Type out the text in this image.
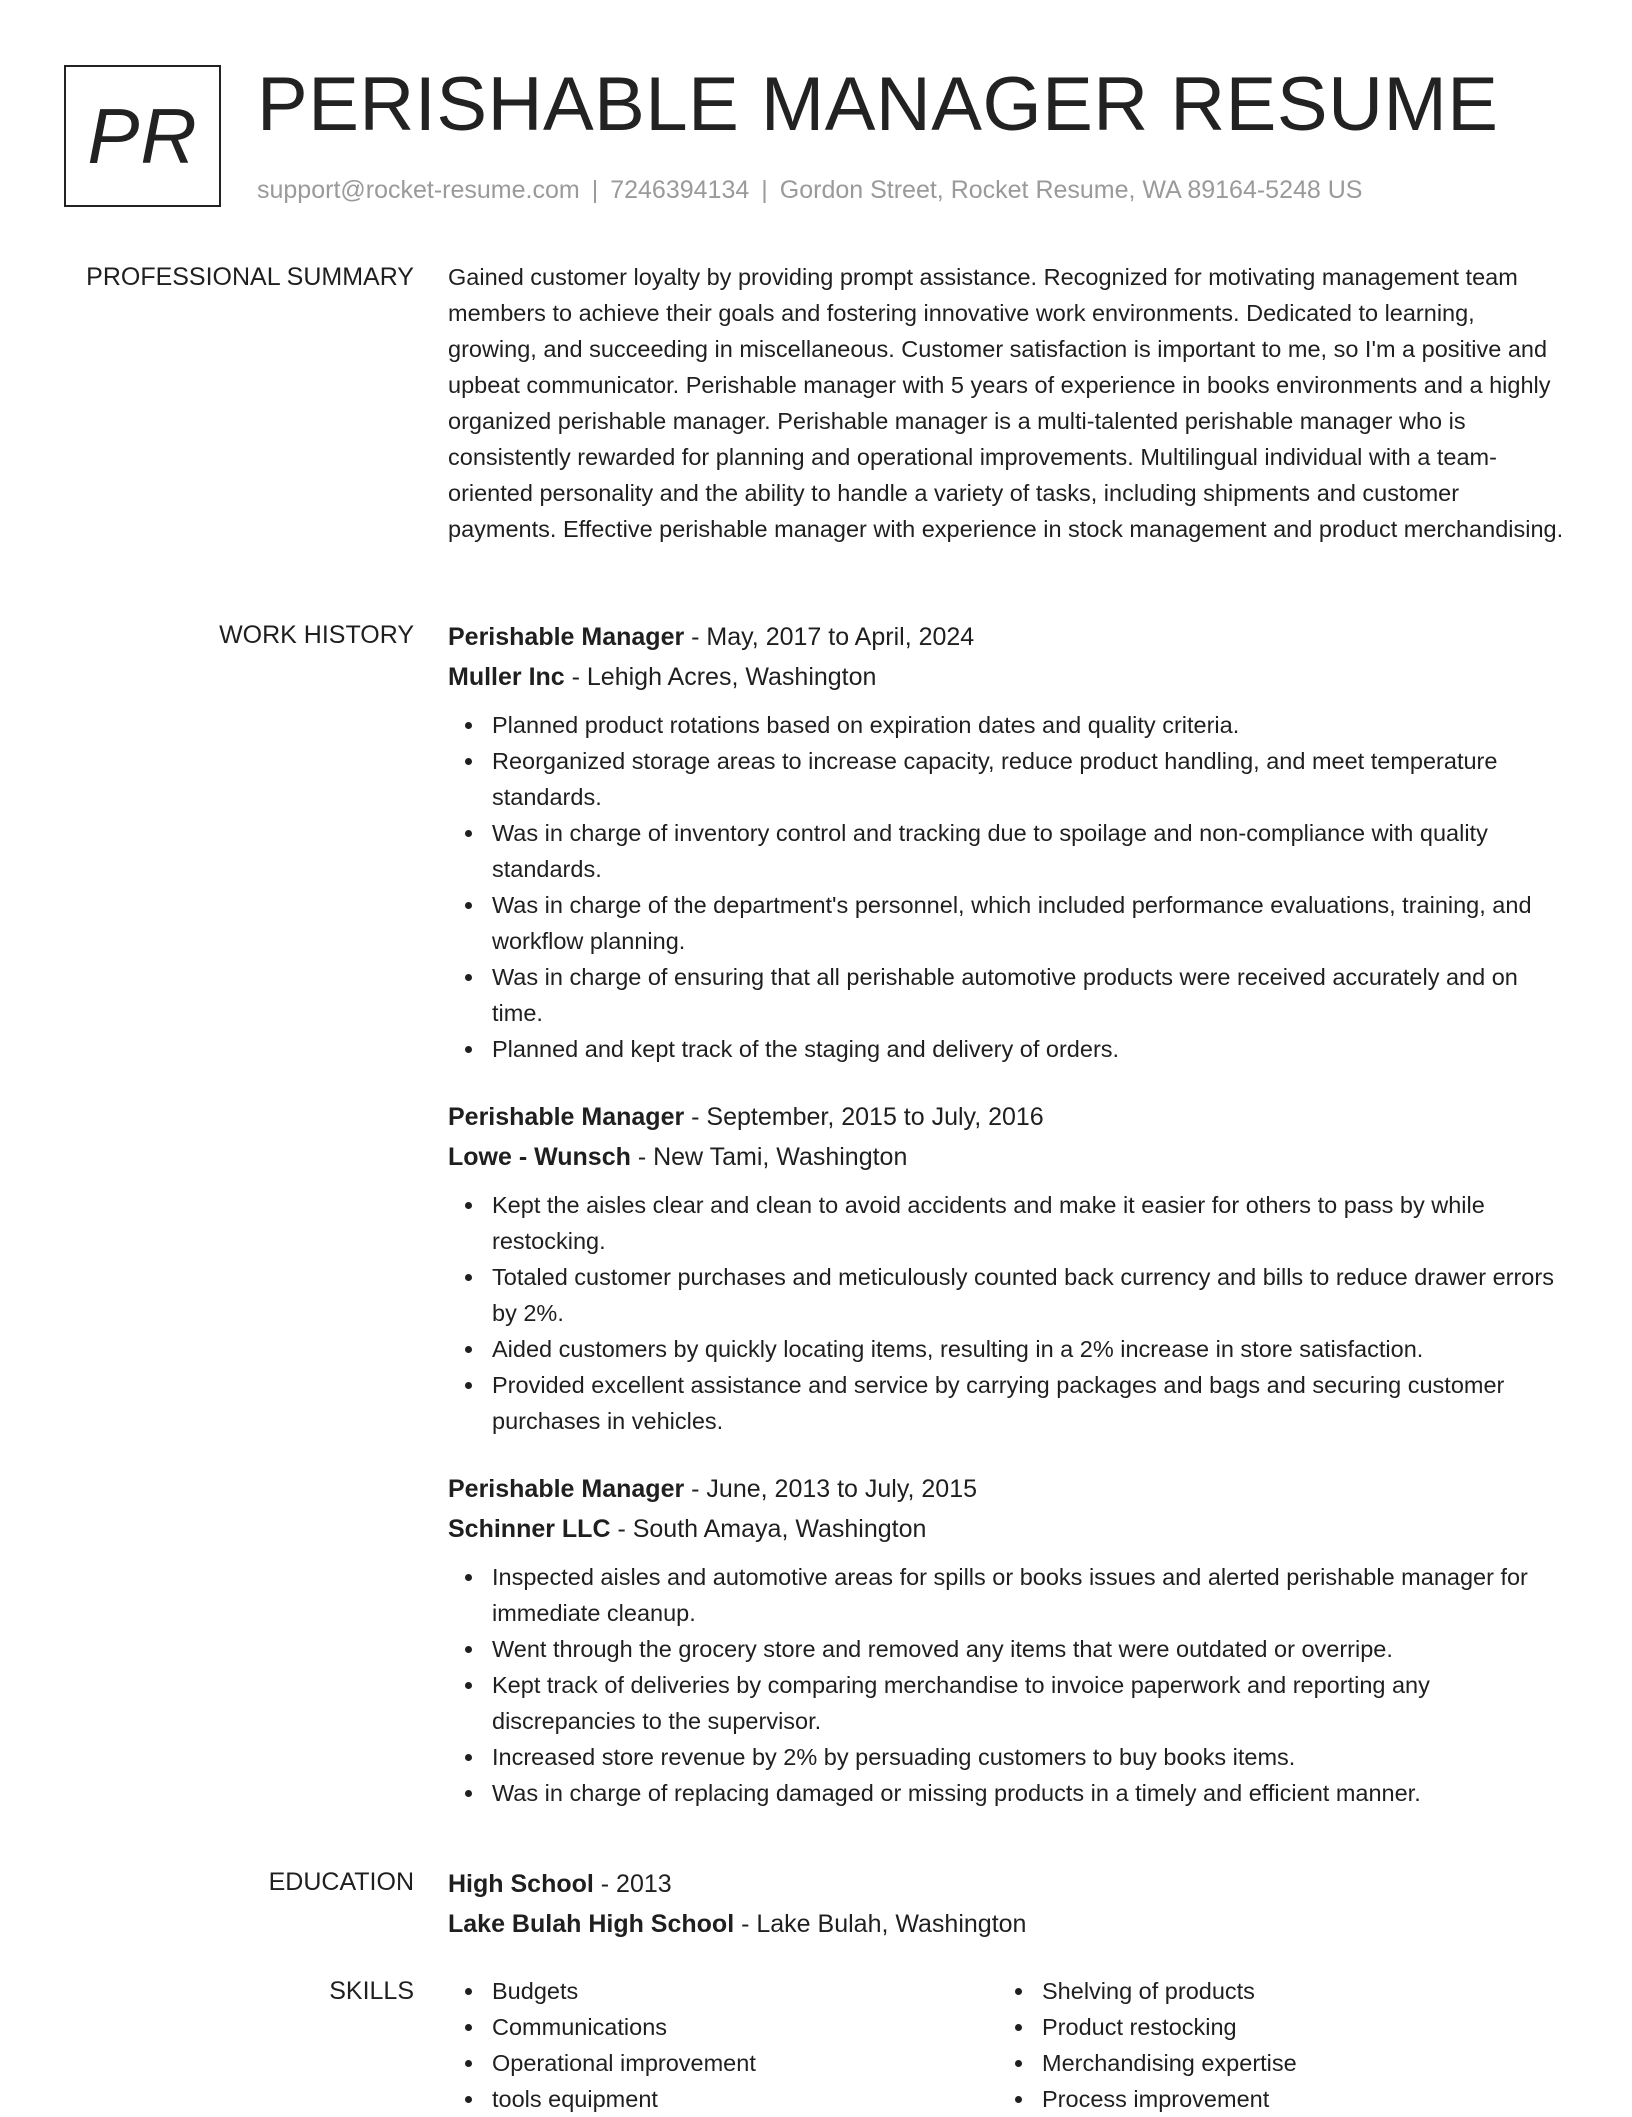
PR PERISHABLE MANAGER RESUME
support@rocket-resume.com | 7246394134 | Gordon Street, Rocket Resume, WA 89164-5248 US
PROFESSIONAL SUMMARY Gained customer loyalty by providing prompt assistance. Recognized for motivating management team members to achieve their goals and fostering innovative work environments. Dedicated to learning, growing, and succeeding in miscellaneous. Customer satisfaction is important to me, so I'm a positive and upbeat communicator. Perishable manager with 5 years of experience in books environments and a highly organized perishable manager. Perishable manager is a multi-talented perishable manager who is consistently rewarded for planning and operational improvements. Multilingual individual with a team-oriented personality and the ability to handle a variety of tasks, including shipments and customer payments. Effective perishable manager with experience in stock management and product merchandising.

WORK HISTORY Perishable Manager - May, 2017 to April, 2024
Muller Inc - Lehigh Acres, Washington
Planned product rotations based on expiration dates and quality criteria.
Reorganized storage areas to increase capacity, reduce product handling, and meet temperature standards.
Was in charge of inventory control and tracking due to spoilage and non-compliance with quality standards.
Was in charge of the department's personnel, which included performance evaluations, training, and workflow planning.
Was in charge of ensuring that all perishable automotive products were received accurately and on time.
Planned and kept track of the staging and delivery of orders.
Perishable Manager - September, 2015 to July, 2016
Lowe - Wunsch - New Tami, Washington
Kept the aisles clear and clean to avoid accidents and make it easier for others to pass by while restocking.
Totaled customer purchases and meticulously counted back currency and bills to reduce drawer errors by 2%.
Aided customers by quickly locating items, resulting in a 2% increase in store satisfaction.
Provided excellent assistance and service by carrying packages and bags and securing customer purchases in vehicles.
Perishable Manager - June, 2013 to July, 2015
Schinner LLC - South Amaya, Washington
Inspected aisles and automotive areas for spills or books issues and alerted perishable manager for immediate cleanup.
Went through the grocery store and removed any items that were outdated or overripe.
Kept track of deliveries by comparing merchandise to invoice paperwork and reporting any discrepancies to the supervisor.
Increased store revenue by 2% by persuading customers to buy books items.
Was in charge of replacing damaged or missing products in a timely and efficient manner.
EDUCATION High School - 2013
Lake Bulah High School - Lake Bulah, Washington
SKILLS	Budgets
Communications
Operational improvement
tools equipment
Shelving of products
Product restocking
Merchandising expertise
Process improvement
